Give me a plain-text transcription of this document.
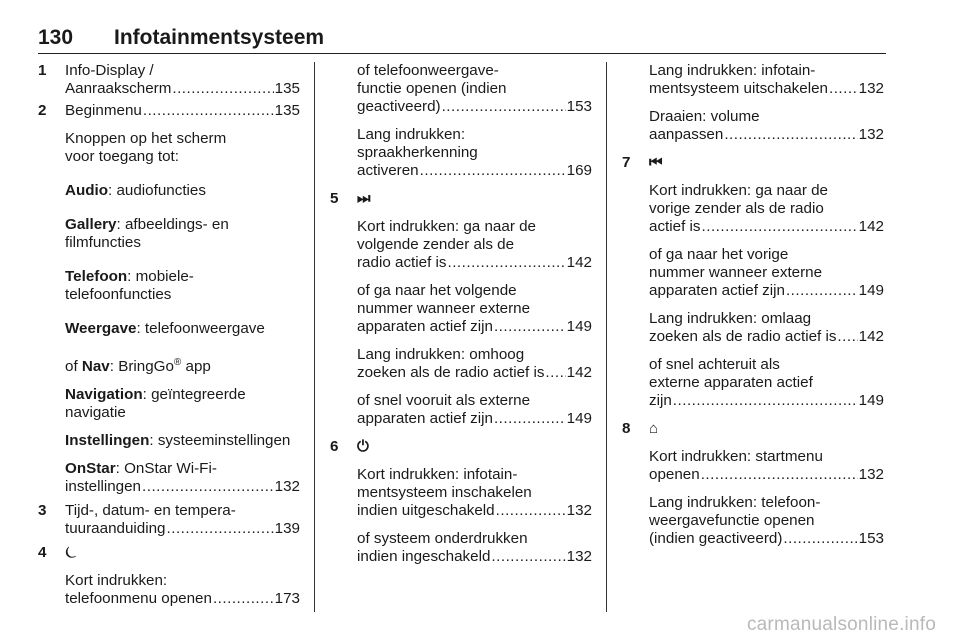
130 Infotainmentsysteem
1 Info-Display /
Aanraakscherm .....	135
2 Beginmenu .....	135
Knoppen op het scherm
voor toegang tot:
Audio: audiofuncties
Gallery: afbeeldings- en
filmfuncties
Telefoon: mobiele-
telefoonfuncties
Weergave: telefoonweergave
of Nav: BringGo® app
Navigation: geïntegreerde
navigatie
Instellingen: systeeminstellingen
OnStar: OnStar Wi-Fi-
instellingen .....	132
3 Tijd-, datum- en tempera-
tuuraanduiding .....	139
4 ⏾
Kort indrukken:
telefoonmenu openen .....	173
of telefoonweergave-
functie openen (indien
geactiveerd) .....	153
Lang indrukken:
spraakherkenning
activeren .....	169
5 ⏭
Kort indrukken: ga naar de
volgende zender als de
radio actief is .....	142
of ga naar het volgende
nummer wanneer externe
apparaten actief zijn .....	149
Lang indrukken: omhoog
zoeken als de radio actief is ..... 142
of snel vooruit als externe
apparaten actief zijn .....	149
6 ⏻
Kort indrukken: infotain-
mentsysteem inschakelen
indien uitgeschakeld .....	132
of systeem onderdrukken
indien ingeschakeld .....	132
Lang indrukken: infotain-
mentsysteem uitschakelen ..... 132
Draaien: volume
aanpassen .....	132
7 ⏮
Kort indrukken: ga naar de
vorige zender als de radio
actief is .....	142
of ga naar het vorige
nummer wanneer externe
apparaten actief zijn .....	149
Lang indrukken: omlaag
zoeken als de radio actief is ..... 142
of snel achteruit als
externe apparaten actief
zijn .....	149
8 ⌂
Kort indrukken: startmenu
openen .....	132
Lang indrukken: telefoon-
weergavefunctie openen
(indien geactiveerd) .....	153
carmanualsonline.info
